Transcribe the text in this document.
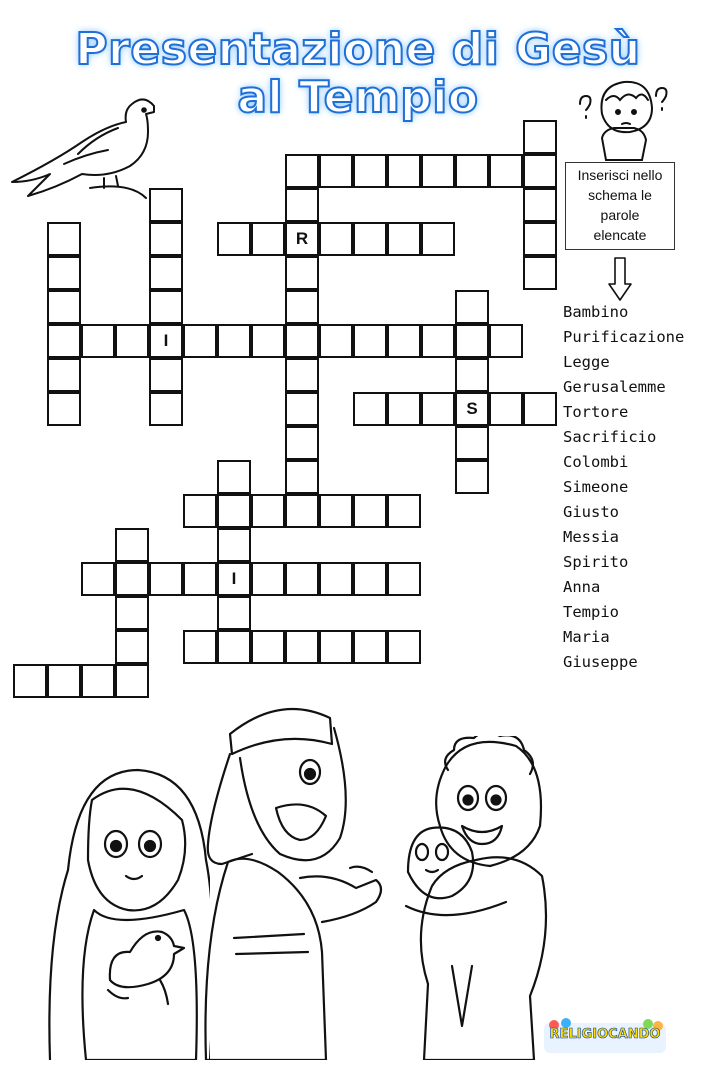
Presentazione di Gesù
al Tempio
R
I
S
I
Inserisci nello
schema le
parole
elencate
Bambino
Purificazione
Legge
Gerusalemme
Tortore
Sacrificio
Colombi
Simeone
Giusto
Messia
Spirito
Anna
Tempio
Maria
Giuseppe
RELIGIOCANDO
